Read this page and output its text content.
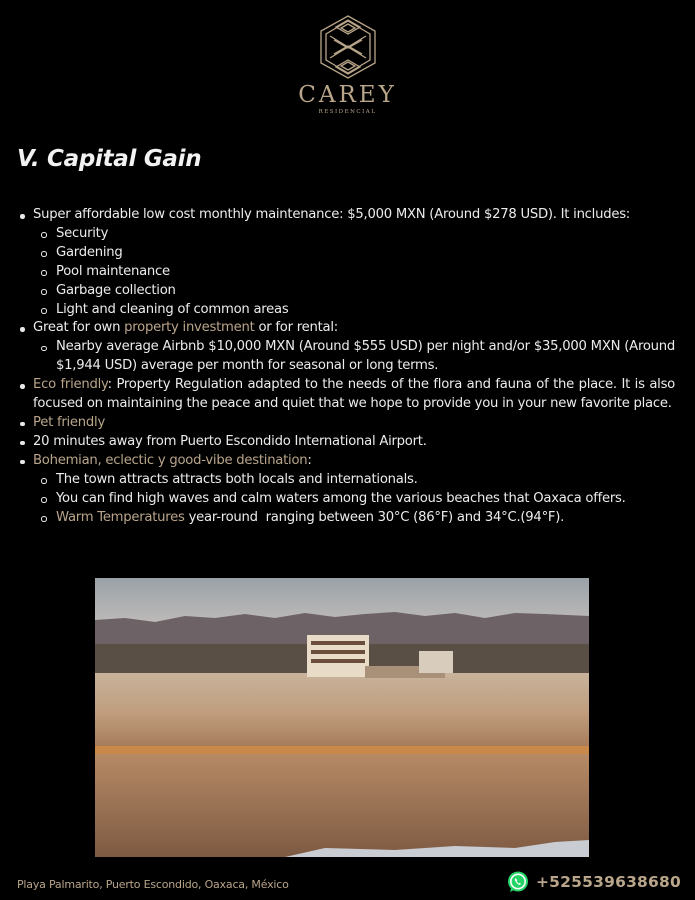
CAREY
RESIDENCIAL
V. Capital Gain
Super affordable low cost monthly maintenance: $5,000 MXN (Around $278 USD). It includes:
Security
Gardening
Pool maintenance
Garbage collection
Light and cleaning of common areas
Great for own property investment or for rental:
Nearby average Airbnb $10,000 MXN (Around $555 USD) per night and/or $35,000 MXN (Around $1,944 USD) average per month for seasonal or long terms.
Eco friendly: Property Regulation adapted to the needs of the flora and fauna of the place. It is also focused on maintaining the peace and quiet that we hope to provide you in your new favorite place.
Pet friendly
20 minutes away from Puerto Escondido International Airport.
Bohemian, eclectic y good-vibe destination:
The town attracts attracts both locals and internationals.
You can find high waves and calm waters among the various beaches that Oaxaca offers.
Warm Temperatures year-round  ranging between 30°C (86°F) and 34°C.(94°F).
Playa Palmarito, Puerto Escondido, Oaxaca, México	+525539638680
